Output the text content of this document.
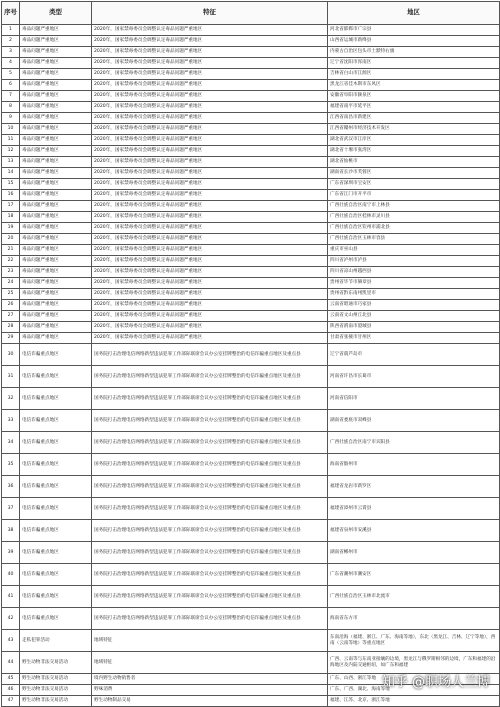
序号	类型	特征	地区
1	毒品问题严重地区	2020年，国家禁毒委员会调整认定毒品问题严重地区	河北省邯郸市广宗县
2	毒品问题严重地区	2020年，国家禁毒委员会调整认定毒品问题严重地区	山西省运城市新绛县
3	毒品问题严重地区	2020年，国家禁毒委员会调整认定毒品问题严重地区	内蒙古自治区包头市土默特右旗
4	毒品问题严重地区	2020年，国家禁毒委员会调整认定毒品问题严重地区	辽宁省沈阳市浑南区
5	毒品问题严重地区	2020年，国家禁毒委员会调整认定毒品问题严重地区	吉林省白山市江源区
6	毒品问题严重地区	2020年，国家禁毒委员会调整认定毒品问题严重地区	黑龙江省佳木斯市东风区
7	毒品问题严重地区	2020年，国家禁毒委员会调整认定毒品问题严重地区	安徽省阜阳市颍泉区
8	毒品问题严重地区	2020年，国家禁毒委员会调整认定毒品问题严重地区	福建省南平市延平区
9	毒品问题严重地区	2020年，国家禁毒委员会调整认定毒品问题严重地区	江西省南昌市新建区
10	毒品问题严重地区	2020年，国家禁毒委员会调整认定毒品问题严重地区	江西省赣州市经济技术开发区
11	毒品问题严重地区	2020年，国家禁毒委员会调整认定毒品问题严重地区	湖北省武汉市江岸区
12	毒品问题严重地区	2020年，国家禁毒委员会调整认定毒品问题严重地区	湖北省十堰市张湾区
13	毒品问题严重地区	2020年，国家禁毒委员会调整认定毒品问题严重地区	湖北省仙桃市
14	毒品问题严重地区	2020年，国家禁毒委员会调整认定毒品问题严重地区	湖南省长沙市芙蓉区
15	毒品问题严重地区	2020年，国家禁毒委员会调整认定毒品问题严重地区	广东省深圳市宝安区
16	毒品问题严重地区	2020年，国家禁毒委员会调整认定毒品问题严重地区	广东省江门市开平市
17	毒品问题严重地区	2020年，国家禁毒委员会调整认定毒品问题严重地区	广西壮族自治区南宁市上林县
18	毒品问题严重地区	2020年，国家禁毒委员会调整认定毒品问题严重地区	广西壮族自治区桂林市灵川县
19	毒品问题严重地区	2020年，国家禁毒委员会调整认定毒品问题严重地区	广西壮族自治区钦州市浦北县
20	毒品问题严重地区	2020年，国家禁毒委员会调整认定毒品问题严重地区	广西壮族自治区玉林市容县
21	毒品问题严重地区	2020年，国家禁毒委员会调整认定毒品问题严重地区	重庆市巫山县
22	毒品问题严重地区	2020年，国家禁毒委员会调整认定毒品问题严重地区	四川省泸州市泸县
23	毒品问题严重地区	2020年，国家禁毒委员会调整认定毒品问题严重地区	四川省凉山州越西县
24	毒品问题严重地区	2020年，国家禁毒委员会调整认定毒品问题严重地区	贵州省毕节市赫章县
25	毒品问题严重地区	2020年，国家禁毒委员会调整认定毒品问题严重地区	贵州省黔东南州凯里市
26	毒品问题严重地区	2020年，国家禁毒委员会调整认定毒品问题严重地区	云南省昭通市巧家县
27	毒品问题严重地区	2020年，国家禁毒委员会调整认定毒品问题严重地区	云南省文山州丘北县
28	毒品问题严重地区	2020年，国家禁毒委员会调整认定毒品问题严重地区	陕西省渭南市澄城县
29	毒品问题严重地区	2020年，国家禁毒委员会调整认定毒品问题严重地区	甘肃省张掖市甘州区
30	电信诈骗重点地区	国务院打击治理电信网络新型违法犯罪工作部际联席会议办公室挂牌整治的电信诈骗重点地区及重点县	辽宁省葫芦岛市
31	电信诈骗重点地区	国务院打击治理电信网络新型违法犯罪工作部际联席会议办公室挂牌整治的电信诈骗重点地区及重点县	河南省许昌市长葛市
32	电信诈骗重点地区	国务院打击治理电信网络新型违法犯罪工作部际联席会议办公室挂牌整治的电信诈骗重点地区及重点县	河南省信阳市
33	电信诈骗重点地区	国务院打击治理电信网络新型违法犯罪工作部际联席会议办公室挂牌整治的电信诈骗重点地区及重点县	湖南省娄底市双峰县
34	电信诈骗重点地区	国务院打击治理电信网络新型违法犯罪工作部际联席会议办公室挂牌整治的电信诈骗重点地区及重点县	广西壮族自治区南宁市宾阳县
35	电信诈骗重点地区	国务院打击治理电信网络新型违法犯罪工作部际联席会议办公室挂牌整治的电信诈骗重点地区及重点县	海南省儋州市
36	电信诈骗重点地区	国务院打击治理电信网络新型违法犯罪工作部际联席会议办公室挂牌整治的电信诈骗重点地区及重点县	福建省龙岩市新罗区
37	电信诈骗重点地区	国务院打击治理电信网络新型违法犯罪工作部际联席会议办公室挂牌整治的电信诈骗重点地区及重点县	福建省漳州市云霄县
38	电信诈骗重点地区	国务院打击治理电信网络新型违法犯罪工作部际联席会议办公室挂牌整治的电信诈骗重点地区及重点县	福建省泉州市安溪县
39	电信诈骗重点地区	国务院打击治理电信网络新型违法犯罪工作部际联席会议办公室挂牌整治的电信诈骗重点地区及重点县	湖南省郴州市
40	电信诈骗重点地区	国务院打击治理电信网络新型违法犯罪工作部际联席会议办公室挂牌整治的电信诈骗重点地区及重点县	广东省潮州市潮安区
41	电信诈骗重点地区	国务院打击治理电信网络新型违法犯罪工作部际联席会议办公室挂牌整治的电信诈骗重点地区及重点县	广西壮族自治区玉林市北流市
42	电信诈骗重点地区	国务院打击治理电信网络新型违法犯罪工作部际联席会议办公室挂牌整治的电信诈骗重点地区及重点县	海南省东方市
43	走私犯罪活动	地域特征	东南沿海（福建、浙江、广东、海南等地），东北（黑龙江、吉林、辽宁等地），西南（云南等地）等重点地区
44	野生动物非法交易活动	地域特征	广西、云南等与东南亚接壤的边境，黑龙江与俄罗斯相邻的边境，广东和福建的沿海地区及内陆交通枢纽，如广东和福建
45	野生动物非法交易活动	境内野生动物销售者	广东、山西、浙江等地
46	野生动物非法交易活动	野味消费	广东、广西、湖北、海南等地
47	野生动物非法交易活动	野生动物制品交易	福建、江苏、北京、浙江等地
知乎 @职场人兰博
